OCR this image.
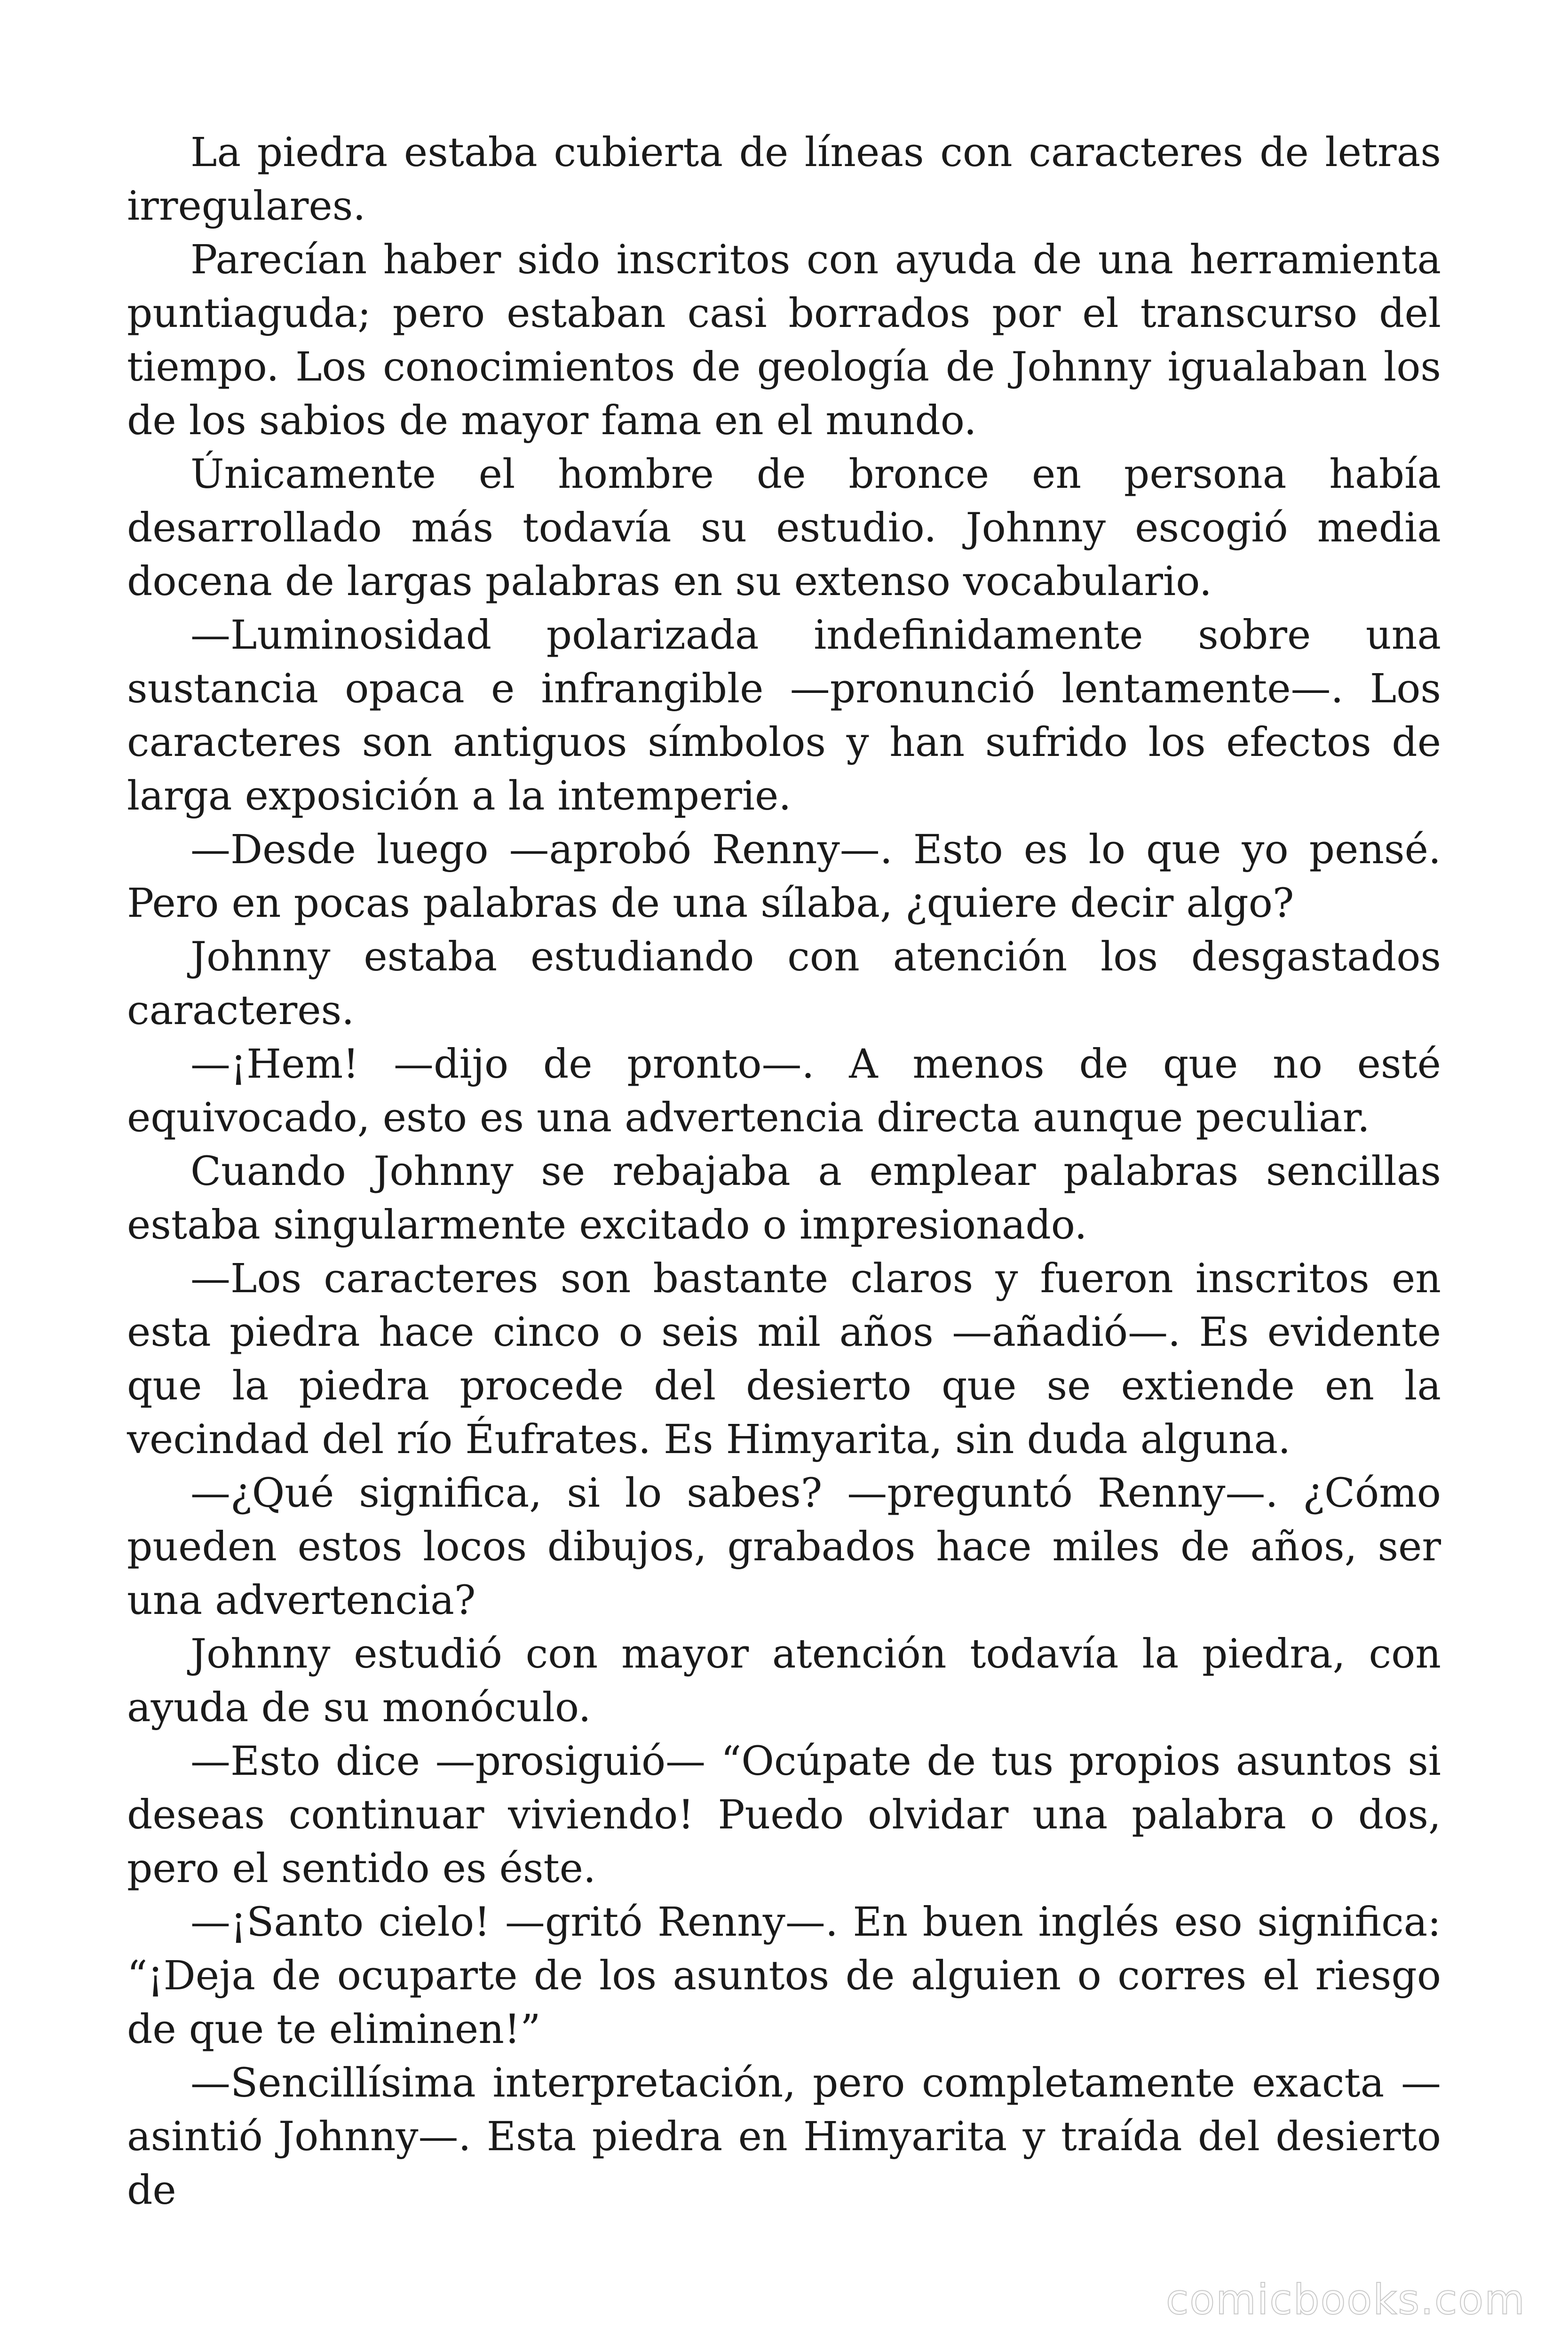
La piedra estaba cubierta de líneas con caracteres de letras irregulares.

Parecían haber sido inscritos con ayuda de una herramienta puntiaguda; pero estaban casi borrados por el transcurso del tiempo. Los conocimientos de geología de Johnny igualaban los de los sabios de mayor fama en el mundo.

Únicamente el hombre de bronce en persona había desarrollado más todavía su estudio. Johnny escogió media docena de largas palabras en su extenso vocabulario.

—Luminosidad polarizada indefinidamente sobre una sustancia opaca e infrangible —pronunció lentamente—. Los caracteres son antiguos símbolos y han sufrido los efectos de larga exposición a la intemperie.

—Desde luego —aprobó Renny—. Esto es lo que yo pensé. Pero en pocas palabras de una sílaba, ¿quiere decir algo?

Johnny estaba estudiando con atención los desgastados caracteres.

—¡Hem! —dijo de pronto—. A menos de que no esté equivocado, esto es una advertencia directa aunque peculiar.

Cuando Johnny se rebajaba a emplear palabras sencillas estaba singularmente excitado o impresionado.

—Los caracteres son bastante claros y fueron inscritos en esta piedra hace cinco o seis mil años —añadió—. Es evidente que la piedra procede del desierto que se extiende en la vecindad del río Éufrates. Es Himyarita, sin duda alguna.

—¿Qué significa, si lo sabes? —preguntó Renny—. ¿Cómo pueden estos locos dibujos, grabados hace miles de años, ser una advertencia?

Johnny estudió con mayor atención todavía la piedra, con ayuda de su monóculo.

—Esto dice —prosiguió— “Ocúpate de tus propios asuntos si deseas continuar viviendo! Puedo olvidar una palabra o dos, pero el sentido es éste.

—¡Santo cielo! —gritó Renny—. En buen inglés eso significa: “¡Deja de ocuparte de los asuntos de alguien o corres el riesgo de que te eliminen!”

—Sencillísima interpretación, pero completamente exacta — asintió Johnny—. Esta piedra en Himyarita y traída del desierto de

comicbooks.com
